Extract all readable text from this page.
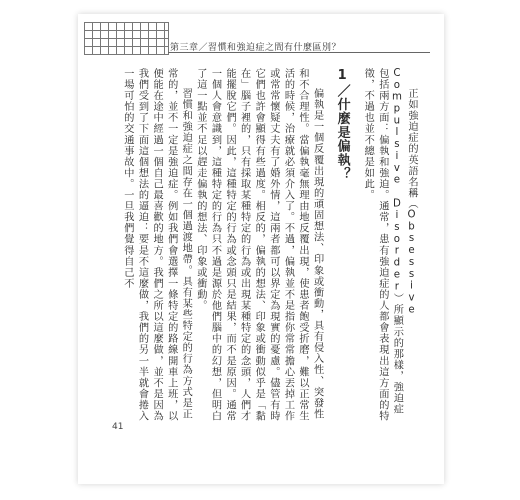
第三章／習慣和強迫症之間有什麼區別？

正如強迫症的英語名稱（Obsessive Compulsive Disorder）所顯示的那樣，強迫症包括兩方面：偏執和強迫。通常，患有強迫症的人都會表現出這方面的特徵，不過也並不總是如此。

1／什麼是偏執？

偏執是一個反覆出現的頑固想法、印象或衝動，具有侵入性、突發性和不合理性。當偏執毫無理由地反覆出現，使患者飽受折磨，難以正常生活的時候，治療就必須介入了。不過，偏執並不是指你常常擔心丟掉工作或常常懷疑丈夫有了婚外情，這兩者都可以界定為現實的憂慮。儘管有時它們也許會顯得有些過度。相反的，偏執的想法、印象或衝動似乎是「黏在」腦子裡的，只有採取某種特定的行為或出現某種特定的念頭，人們才能擺脫它們。因此，這種特定的行為或念頭只是結果，而不是原因。通常一個人會意識到，這種特定的行為只不過是源於他們腦中的幻想，但明白了這一點並不足以趕走偏執的想法、印象或衝動。

習慣和強迫症之間存在一個過渡地帶。具有某些特定的行為方式是正常的，並不一定是強迫症。例如我們會選擇一條特定的路線開車上班，以便能在途中經過一個自己最喜歡的地方。我們之所以這麼做，並不是因為我們受到了下面這個想法的逼迫：要是不這麼做，我們的另一半就會捲入一場可怕的交通事故中。一旦我們覺得自己不

41
